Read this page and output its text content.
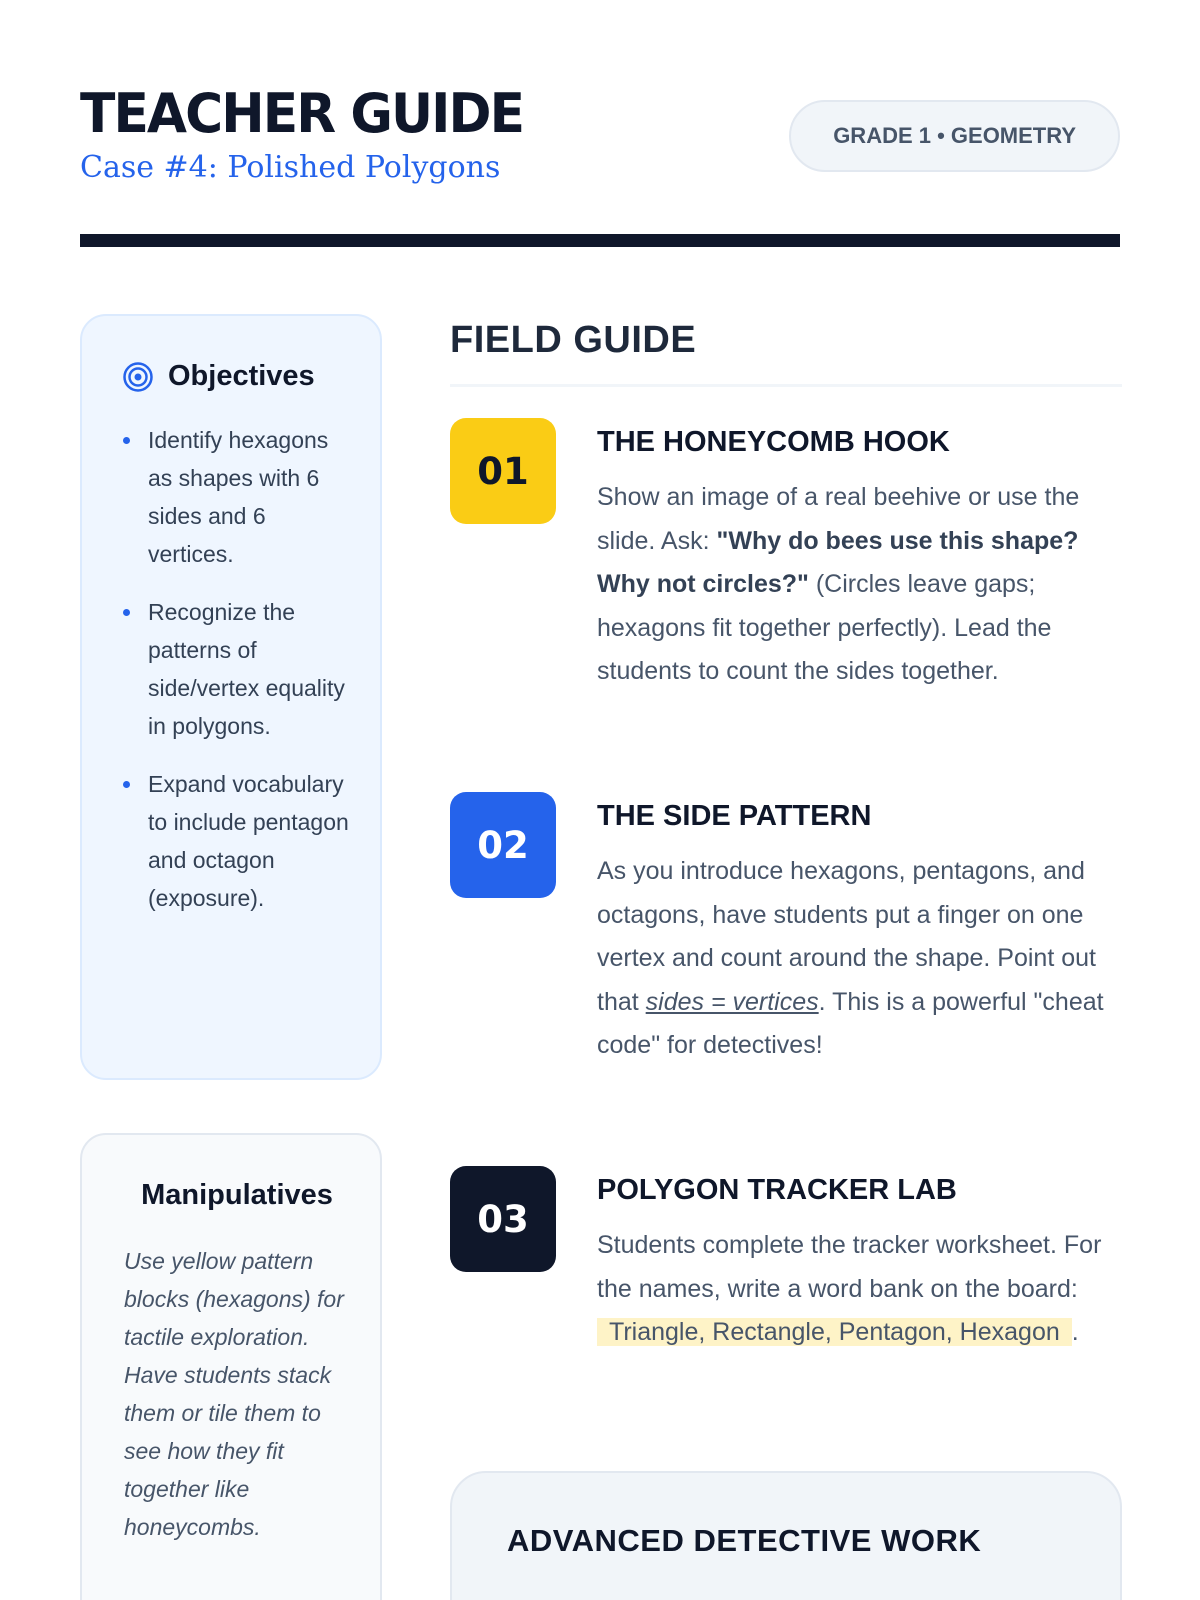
TEACHER GUIDE
Case #4: Polished Polygons
GRADE 1 • GEOMETRY
Objectives
Identify hexagons as shapes with 6 sides and 6 vertices.
Recognize the patterns of side/vertex equality in polygons.
Expand vocabulary to include pentagon and octagon (exposure).
Manipulatives

Use yellow pattern blocks (hexagons) for tactile exploration. Have students stack them or tile them to see how they fit together like honeycombs.

FIELD GUIDE
01
THE HONEYCOMB HOOK

Show an image of a real beehive or use the slide. Ask: "Why do bees use this shape? Why not circles?" (Circles leave gaps; hexagons fit together perfectly). Lead the students to count the sides together.

02
THE SIDE PATTERN

As you introduce hexagons, pentagons, and octagons, have students put a finger on one vertex and count around the shape. Point out that sides = vertices. This is a powerful "cheat code" for detectives!

03
POLYGON TRACKER LAB

Students complete the tracker worksheet. For the names, write a word bank on the board: Triangle, Rectangle, Pentagon, Hexagon .

ADVANCED DETECTIVE WORK
